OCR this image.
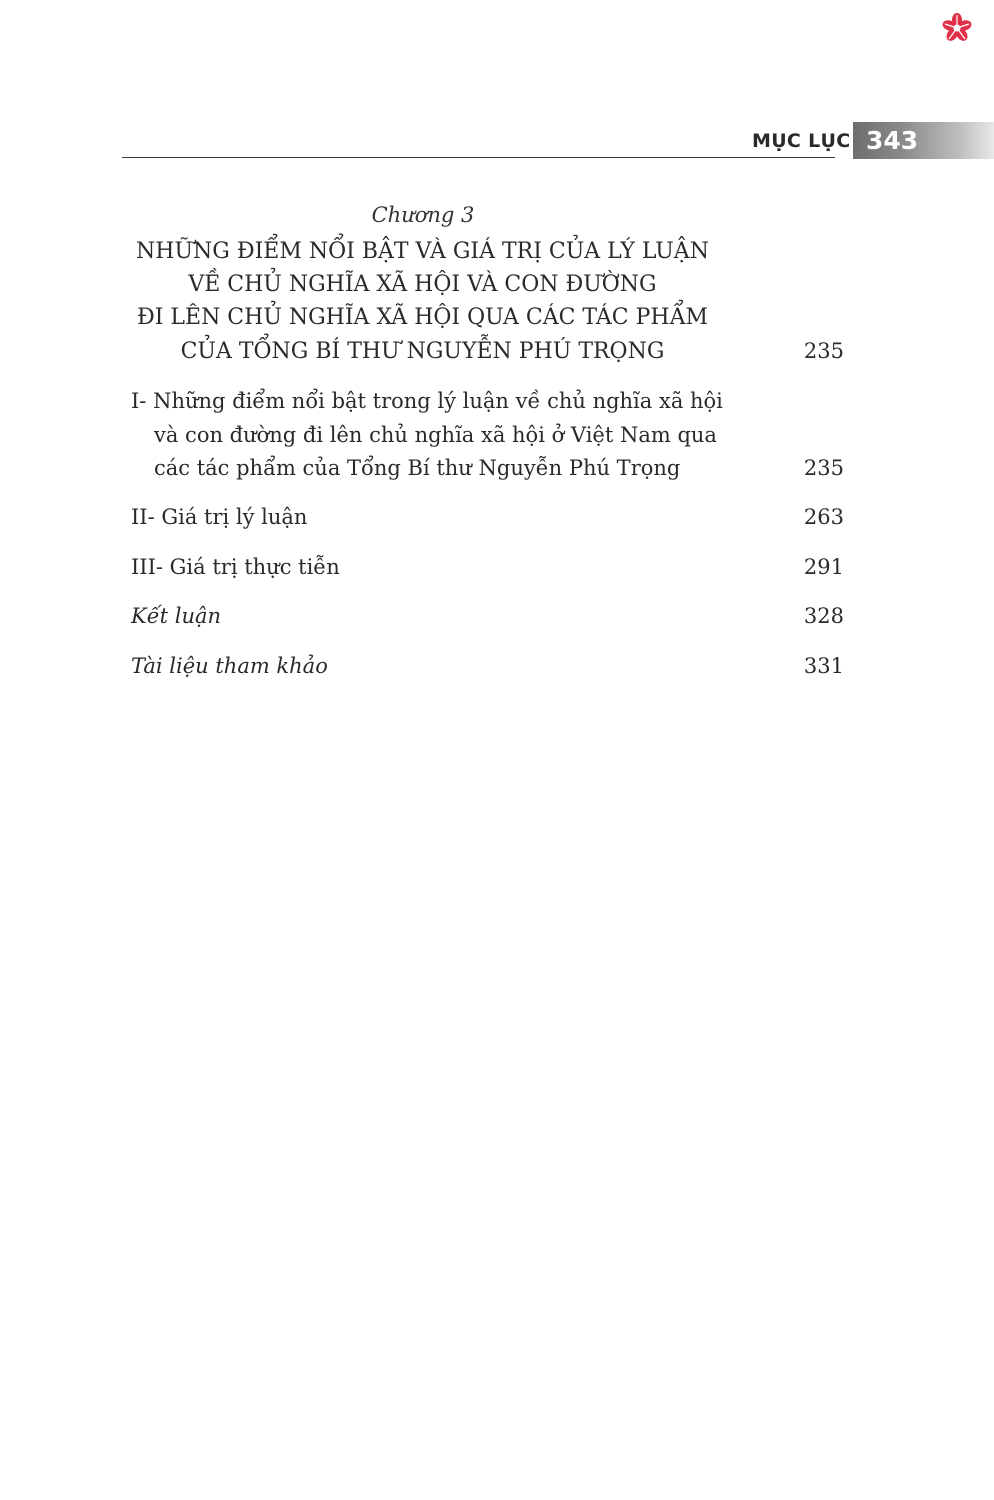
MỤC LỤC 343
Chương 3
NHỮNG ĐIỂM NỔI BẬT VÀ GIÁ TRỊ CỦA LÝ LUẬN
VỀ CHỦ NGHĨA XÃ HỘI VÀ CON ĐƯỜNG
ĐI LÊN CHỦ NGHĨA XÃ HỘI QUA CÁC TÁC PHẨM
CỦA TỔNG BÍ THƯ NGUYỄN PHÚ TRỌNG	235
I- Những điểm nổi bật trong lý luận về chủ nghĩa xã hội
và con đường đi lên chủ nghĩa xã hội ở Việt Nam qua
các tác phẩm của Tổng Bí thư Nguyễn Phú Trọng	235
II- Giá trị lý luận	263
III- Giá trị thực tiễn	291
Kết luận	328
Tài liệu tham khảo	331
